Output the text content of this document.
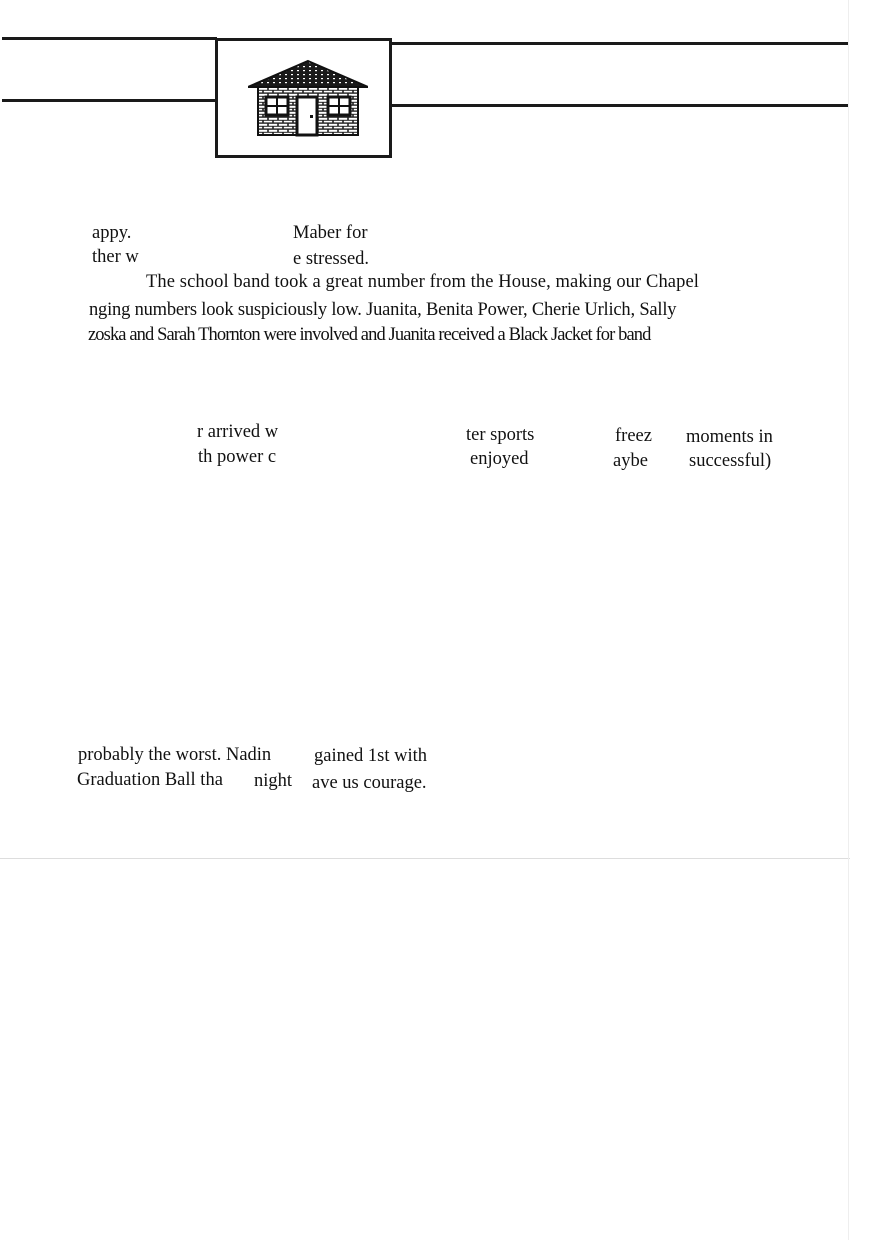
appy.	Maber for
ther w	e stressed.
The school band took a great number from the House, making our Chapel
nging numbers look suspiciously low. Juanita, Benita Power, Cherie Urlich, Sally
zoska and Sarah Thornton were involved and Juanita received a Black Jacket for band
r arrived w	ter sports	freez moments in
th power c	enjoyed	aybe successful)
probably the worst. Nadin gained 1st with
Graduation Ball tha night ave us courage.
